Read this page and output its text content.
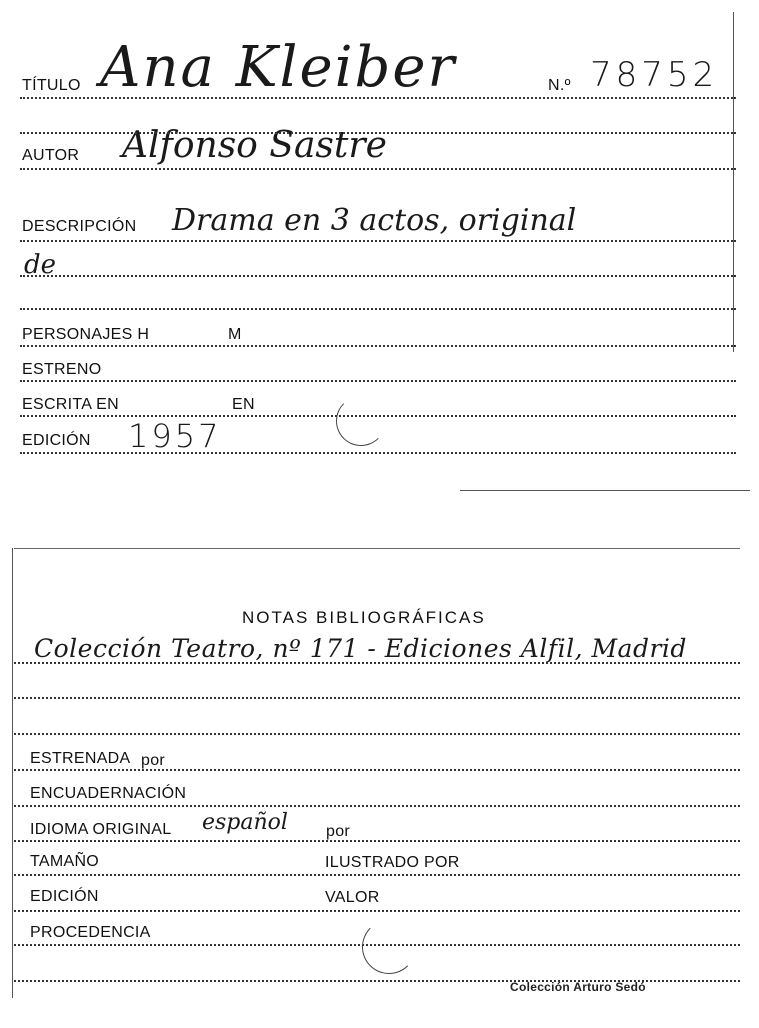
TÍTULO Ana Kleiber	N.º 78752
AUTOR Alfonso Sastre
DESCRIPCIÓN Drama en 3 actos, original
de
PERSONAJES H	M
ESTRENO
ESCRITA EN	EN
EDICIÓN 1957
NOTAS BIBLIOGRÁFICAS
Colección Teatro, nº 171 - Ediciones Alfil, Madrid
ESTRENADA por
ENCUADERNACIÓN
IDIOMA ORIGINAL español por
TAMAÑO	ILUSTRADO POR
EDICIÓN	VALOR
PROCEDENCIA
Colección Arturo Sedó
